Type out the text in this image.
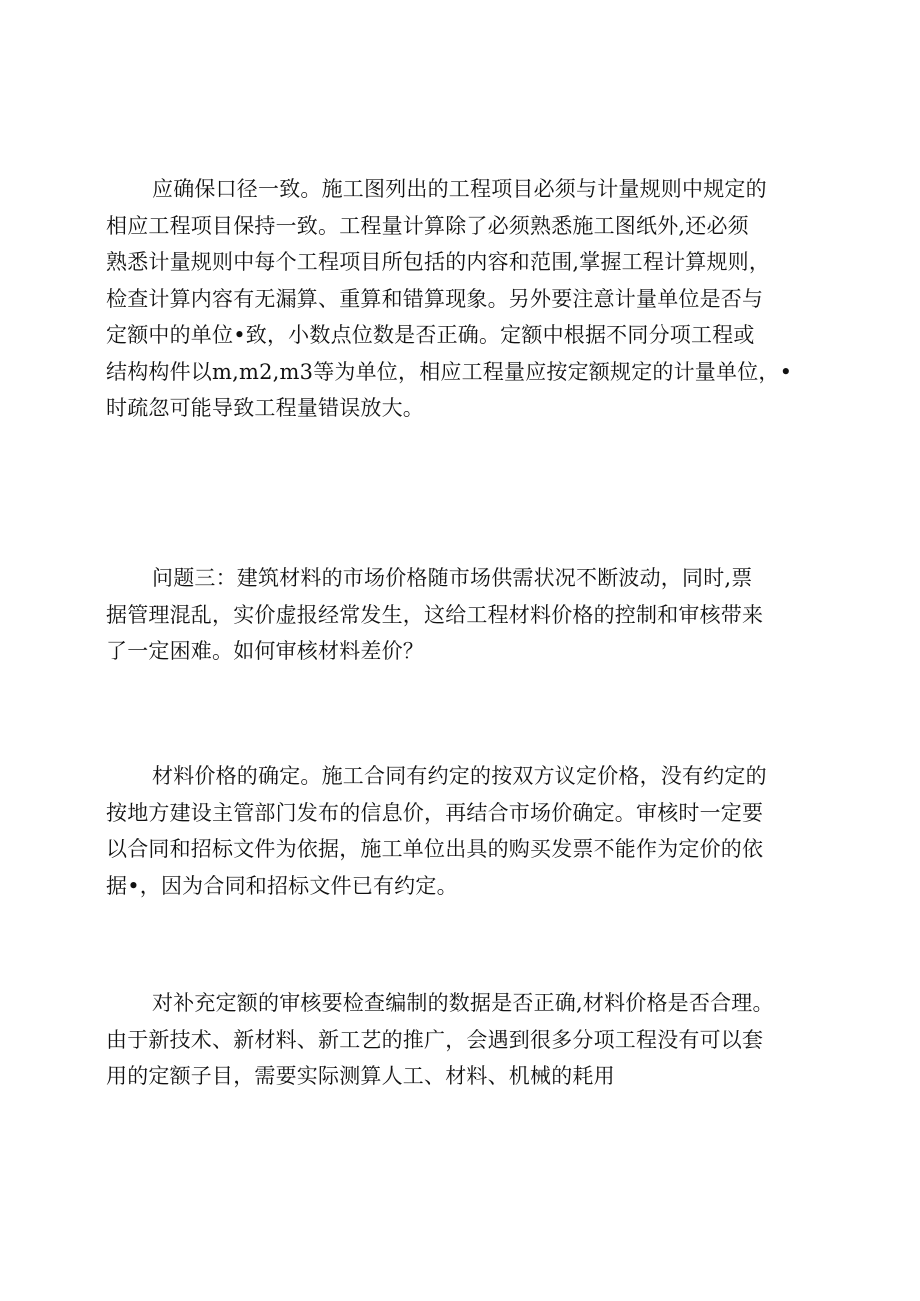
应确保口径一致。施工图列出的工程项目必须与计量规则中规定的
相应工程项目保持一致。工程量计算除了必须熟悉施工图纸外,还必须
熟悉计量规则中每个工程项目所包括的内容和范围,掌握工程计算规则，
检查计算内容有无漏算、重算和错算现象。另外要注意计量单位是否与
定额中的单位•致，小数点位数是否正确。定额中根据不同分项工程或
结构构件以m,m2,m3等为单位，相应工程量应按定额规定的计量单位，•
时疏忽可能导致工程量错误放大。
问题三：建筑材料的市场价格随市场供需状况不断波动，同时,票
据管理混乱，实价虚报经常发生，这给工程材料价格的控制和审核带来
了一定困难。如何审核材料差价？
材料价格的确定。施工合同有约定的按双方议定价格，没有约定的
按地方建设主管部门发布的信息价，再结合市场价确定。审核时一定要
以合同和招标文件为依据，施工单位出具的购买发票不能作为定价的依
据•，因为合同和招标文件已有约定。
对补充定额的审核要检查编制的数据是否正确,材料价格是否合理。
由于新技术、新材料、新工艺的推广，会遇到很多分项工程没有可以套
用的定额子目，需要实际测算人工、材料、机械的耗用
